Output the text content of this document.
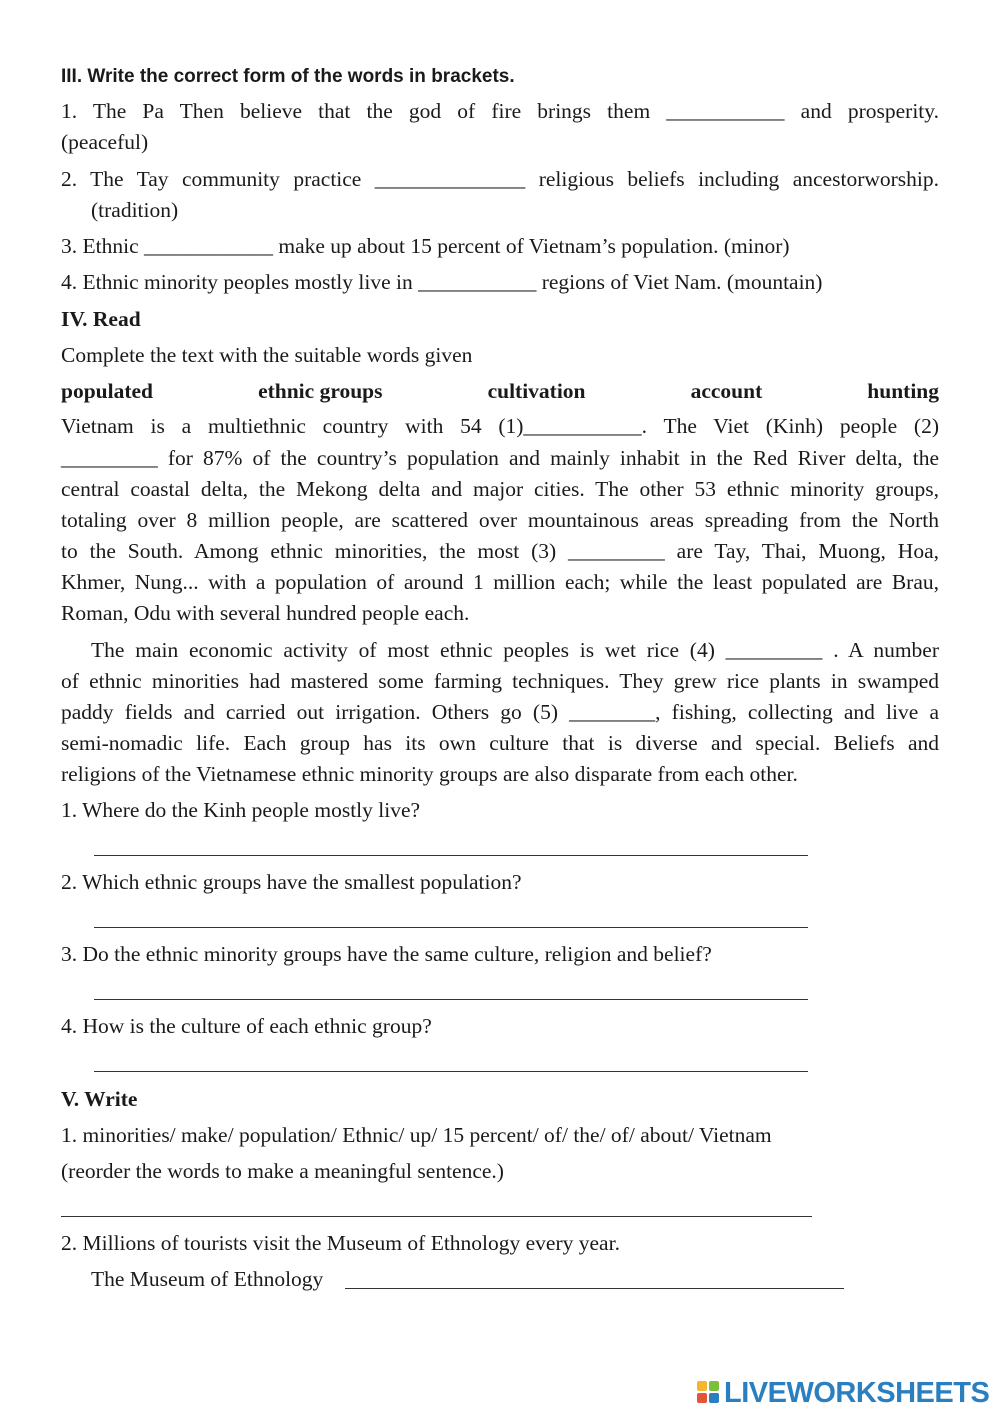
III. Write the correct form of the words in brackets.
1. The Pa Then believe that the god of fire brings them ___________ and prosperity.
(peaceful)
2. The Tay community practice ______________ religious beliefs including ancestorworship.
(tradition)
3. Ethnic ____________ make up about 15 percent of Vietnam’s population. (minor)
4. Ethnic minority peoples mostly live in ___________ regions of Viet Nam. (mountain)
IV. Read
Complete the text with the suitable words given
populated	ethnic groups	cultivation	account	hunting
Vietnam is a multiethnic country with 54 (1)___________. The Viet (Kinh) people (2)
_________ for 87% of the country’s population and mainly inhabit in the Red River delta, the
central coastal delta, the Mekong delta and major cities. The other 53 ethnic minority groups,
totaling over 8 million people, are scattered over mountainous areas spreading from the North
to the South. Among ethnic minorities, the most (3) _________ are Tay, Thai, Muong, Hoa,
Khmer, Nung... with a population of around 1 million each; while the least populated are Brau,
Roman, Odu with several hundred people each.
The main economic activity of most ethnic peoples is wet rice (4) _________ . A number
of ethnic minorities had mastered some farming techniques. They grew rice plants in swamped
paddy fields and carried out irrigation. Others go (5) ________, fishing, collecting and live a
semi-nomadic life. Each group has its own culture that is diverse and special. Beliefs and
religions of the Vietnamese ethnic minority groups are also disparate from each other.
1. Where do the Kinh people mostly live?
2. Which ethnic groups have the smallest population?
3. Do the ethnic minority groups have the same culture, religion and belief?
4. How is the culture of each ethnic group?
V. Write
1. minorities/ make/ population/ Ethnic/ up/ 15 percent/ of/ the/ of/ about/ Vietnam
(reorder the words to make a meaningful sentence.)
2. Millions of tourists visit the Museum of Ethnology every year.
The Museum of Ethnology
LIVEWORKSHEETS
